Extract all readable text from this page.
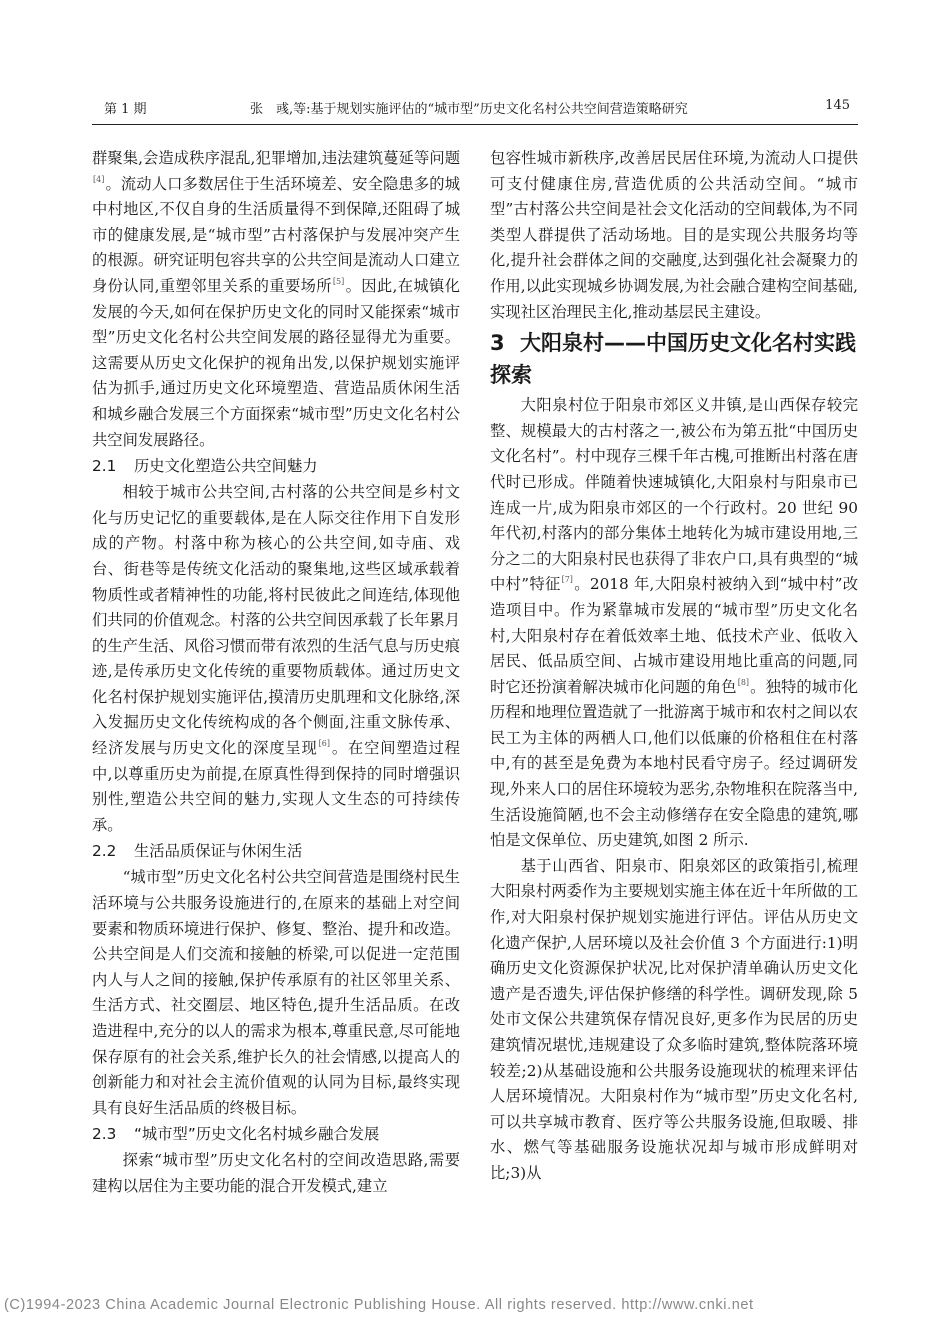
第 1 期	张　彧,等:基于规划实施评估的“城市型”历史文化名村公共空间营造策略研究	145

群聚集,会造成秩序混乱,犯罪增加,违法建筑蔓延等问题[4]。流动人口多数居住于生活环境差、安全隐患多的城中村地区,不仅自身的生活质量得不到保障,还阻碍了城市的健康发展,是“城市型”古村落保护与发展冲突产生的根源。研究证明包容共享的公共空间是流动人口建立身份认同,重塑邻里关系的重要场所[5]。因此,在城镇化发展的今天,如何在保护历史文化的同时又能探索“城市型”历史文化名村公共空间发展的路径显得尤为重要。这需要从历史文化保护的视角出发,以保护规划实施评估为抓手,通过历史文化环境塑造、营造品质休闲生活和城乡融合发展三个方面探索“城市型”历史文化名村公共空间发展路径。

2.1 历史文化塑造公共空间魅力

相较于城市公共空间,古村落的公共空间是乡村文化与历史记忆的重要载体,是在人际交往作用下自发形成的产物。村落中称为核心的公共空间,如寺庙、戏台、街巷等是传统文化活动的聚集地,这些区域承载着物质性或者精神性的功能,将村民彼此之间连结,体现他们共同的价值观念。村落的公共空间因承载了长年累月的生产生活、风俗习惯而带有浓烈的生活气息与历史痕迹,是传承历史文化传统的重要物质载体。通过历史文化名村保护规划实施评估,摸清历史肌理和文化脉络,深入发掘历史文化传统构成的各个侧面,注重文脉传承、经济发展与历史文化的深度呈现[6]。在空间塑造过程中,以尊重历史为前提,在原真性得到保持的同时增强识别性,塑造公共空间的魅力,实现人文生态的可持续传承。

2.2 生活品质保证与休闲生活

“城市型”历史文化名村公共空间营造是围绕村民生活环境与公共服务设施进行的,在原来的基础上对空间要素和物质环境进行保护、修复、整治、提升和改造。公共空间是人们交流和接触的桥梁,可以促进一定范围内人与人之间的接触,保护传承原有的社区邻里关系、生活方式、社交圈层、地区特色,提升生活品质。在改造进程中,充分的以人的需求为根本,尊重民意,尽可能地保存原有的社会关系,维护长久的社会情感,以提高人的创新能力和对社会主流价值观的认同为目标,最终实现具有良好生活品质的终极目标。

2.3 “城市型”历史文化名村城乡融合发展

探索“城市型”历史文化名村的空间改造思路,需要建构以居住为主要功能的混合开发模式,建立

包容性城市新秩序,改善居民居住环境,为流动人口提供可支付健康住房,营造优质的公共活动空间。“城市型”古村落公共空间是社会文化活动的空间载体,为不同类型人群提供了活动场地。目的是实现公共服务均等化,提升社会群体之间的交融度,达到强化社会凝聚力的作用,以此实现城乡协调发展,为社会融合建构空间基础,实现社区治理民主化,推动基层民主建设。

3 大阳泉村——中国历史文化名村实践探索

大阳泉村位于阳泉市郊区义井镇,是山西保存较完整、规模最大的古村落之一,被公布为第五批“中国历史文化名村”。村中现存三棵千年古槐,可推断出村落在唐代时已形成。伴随着快速城镇化,大阳泉村与阳泉市已连成一片,成为阳泉市郊区的一个行政村。20 世纪 90 年代初,村落内的部分集体土地转化为城市建设用地,三分之二的大阳泉村民也获得了非农户口,具有典型的“城中村”特征[7]。2018 年,大阳泉村被纳入到“城中村”改造项目中。作为紧靠城市发展的“城市型”历史文化名村,大阳泉村存在着低效率土地、低技术产业、低收入居民、低品质空间、占城市建设用地比重高的问题,同时它还扮演着解决城市化问题的角色[8]。独特的城市化历程和地理位置造就了一批游离于城市和农村之间以农民工为主体的两栖人口,他们以低廉的价格租住在村落中,有的甚至是免费为本地村民看守房子。经过调研发现,外来人口的居住环境较为恶劣,杂物堆积在院落当中,生活设施简陋,也不会主动修缮存在安全隐患的建筑,哪怕是文保单位、历史建筑,如图 2 所示.

基于山西省、阳泉市、阳泉郊区的政策指引,梳理大阳泉村两委作为主要规划实施主体在近十年所做的工作,对大阳泉村保护规划实施进行评估。评估从历史文化遗产保护,人居环境以及社会价值 3 个方面进行:1)明确历史文化资源保护状况,比对保护清单确认历史文化遗产是否遗失,评估保护修缮的科学性。调研发现,除 5 处市文保公共建筑保存情况良好,更多作为民居的历史建筑情况堪忧,违规建设了众多临时建筑,整体院落环境较差;2)从基础设施和公共服务设施现状的梳理来评估人居环境情况。大阳泉村作为“城市型”历史文化名村,可以共享城市教育、医疗等公共服务设施,但取暖、排水、燃气等基础服务设施状况却与城市形成鲜明对比;3)从

(C)1994-2023 China Academic Journal Electronic Publishing House. All rights reserved. http://www.cnki.net
